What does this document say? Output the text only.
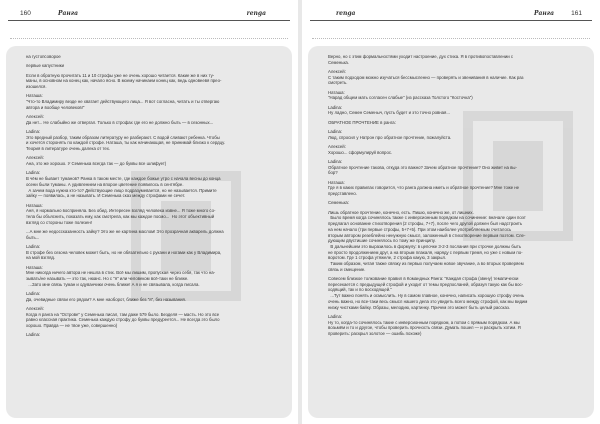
160	Ранга	renga

на густопсоворое

первые капустники

Если в обратную прочитать 11 и 10 строфы уже не очень хорошо читается. Какие же в них ту-
маны, в основном на конец как, начало ясно. В моему начинаем конец как, ведь одновеевя прео-
изошелся.

Наташа:
"Что-то Владимиру везде не хватает действующего лица... Я вот согласна, читать и ты отвергаю
автора и вообще человеков!"

Алексей:
Да нет... Не слабыйно же отвергал. Только в строфах где его не должно быть — в сезонных...

Ladina:
Это вредный разбор, таким образом литературу не разберают. С водой сливают ребенка. Чтобы
и хочется сторонять по каждой строфе. Наташа, ты как начинающая, не принимай близко к сердцу.
Теория в литературе очень далека от тех.

Алексей:
Ана, это же хорошо. У Семенька всегда так — до буквы все шлифует)

Ladina:
В чём не бывает туманов? Ранка в таком месте, где каждое божье утро с начала весны до конца
осени были туманы. А удивлением на впорое цветение появилось в сентябре.
А зачем вода нужна кто-то? Действующие лицо подразумевается, но не называется. Примите
зайку — появилась, а не называть. И Семенька сказ между строфами не сечет.

Наташа:
Аня, я нормально восприняла. Без обид. Интересен взгляд человека извне... Я тоже много со-
тела бы объяснить, показать ему, как смотрела, как мы каждое посмо...  Но этот объективный
взгляд со стороны тоже полезен!

...А мне же недоссказанность зайку? Это же не картина маслом! Это прозрачная акварель должна
быть...

Ladina:
В строфе без сезона человек может быть, но не обязательно с рукани и ногами как у Владимира,
на мой взгляд.

Наташа:
Мне никогда ничего автора не нешла в стих. Всё мы лишим, пропуская через себя, так что на-
зывать/не называть — это так, нюанс. Но с "я" или человеком всё-таки не ближе.
...Зато мне связь туман и одуванчики очень ближе! А я и не связывала, когда писала.

Ladina:
Да, очевидные связи его рядом? А мне наоборот, ближе без "я", без называния.

Алексей:
Когда я ранга на "Острове" у Семенька писал, там даже 579 было. Безделя — масть. Но это все
равно классная практика. Семенька каждую строфу до буквы предуреется... Не всегда это было
хорошо. Правда — не твое уже, совершенно)

Ladina:

renga	Ранга	161

Верно, но с этим формальностями уходит настроение, дух стиха. Я в противопоставлении с
Семенька.

Алексей:
С таким подходом можно изучаться бессмысленно — проверять и звенивания в наличие. Как раз
смотреть.

Наташа:
"Нарад общем мать согласен слабые" (из рассказа Толстого "Косточка")

Ladina:
Ну ладно, Семен Семеныч, пусть будет и это точно ровная...

ОБРАТНОЕ ПРОЧТЕНИЕ в ранга:

Ladina:
Люд, спросил у Натрон про обратное прочтение, пожалуйста.

Алексей:
Хорошо... сформулируй вопрос.

Ladina:
Обратное прочтение такова, откуда это важно? Зачем обратное прочтение? Оно живет на вы-
бор?

Наташа:
Где я в каких правилах говорится, что ранга должна иметь и обратное прочтение? Мне тоже не
представлено.

Семенька:

Лишь обратное прочтение, конечно, есть. Пишю, конечно же, от лишних.
Было время когда сочинялось также с инверсионным порядком на сочинение: вначале один поэт
предлагал основание стихотворения (2 строфы, 7+7), после чего другой должен был надстроить
на нем начало (три первые строфы, 5+7+5). При этом наиболее употребляемым считалось
вторым автором резеблейно ненужную смысл, заложенный в стихотворение первым поэтом. Сле-
дующим двустишие сочинялось по тому же принципу.
В дальнейшем это выразилось в формулу: в цепочке 3-2-3 послания при строчке должны быть
не просто продолжением друг, а на вторым плакаля, наряду с первым тремя, но уже с новым по-
воротом. Где 1 строфа утяжеле, 2 строфа какую, 3 закрыл.
Таким образом, читая также связку из первых получаем новое звучание, а во вторых проверяем
связь и смещение.

Совесем близкое толкование правил в Командных Ранга: "Каждая строфа (звену) тематически
пересекается с предыдущей строфой и уходит от темы предпосланей, образуя такую как бы вос-
ходящий, так и по восходящей."
...Тут важно понять и осмыслить. Ну в самом главное, конечно, написать хорошую строфу очень
очень важно, но все-таки весь смысл нашего дела это увидеть всего между строфой, как мы видим
низку чистками байку. Образы, мелодию, картинку. Причем это может быть целый рассказ.

Ladina:
Ну то, когда-то сочинялось такие с инверсионным порядком, а потом с прямым порядком. А мы
возьмём и то и другое, чтобы проверить прочность связи. Думать пошел — и раскрыть хотим. Я
проверить: раскрыл золотое — ошибь похоже)
